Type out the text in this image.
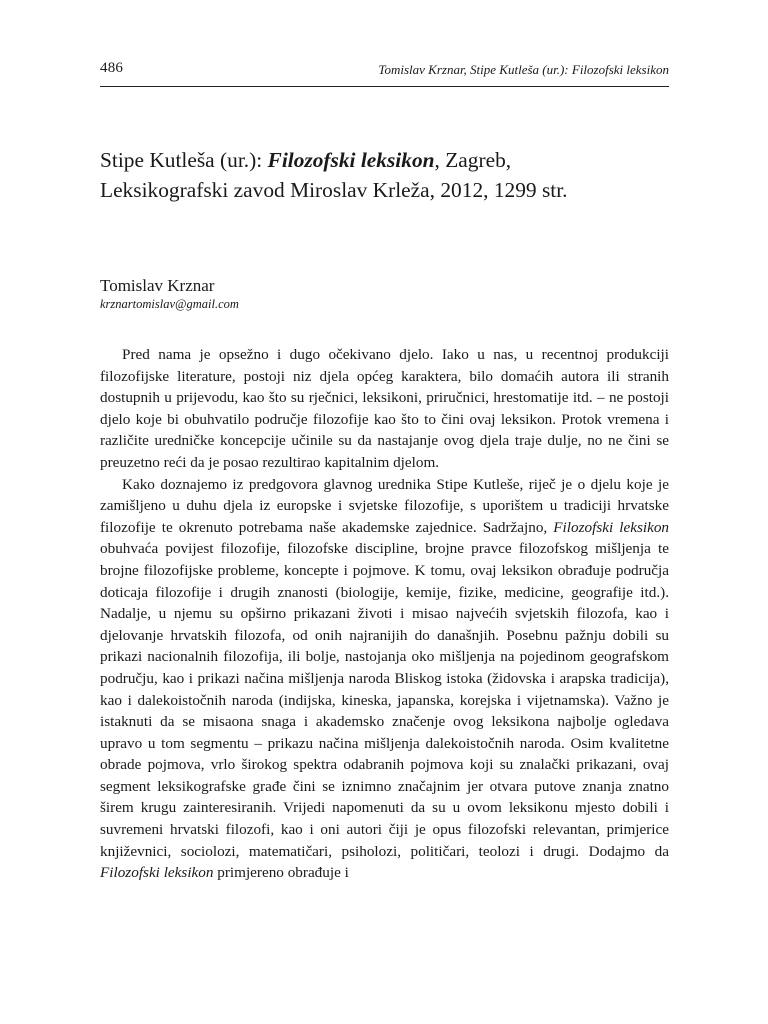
486	Tomislav Krznar, Stipe Kutleša (ur.): Filozofski leksikon
Stipe Kutleša (ur.): Filozofski leksikon, Zagreb,
Leksikografski zavod Miroslav Krleža, 2012, 1299 str.
Tomislav Krznar
krznartomislav@gmail.com

Pred nama je opsežno i dugo očekivano djelo. Iako u nas, u recentnoj produkciji filozofijske literature, postoji niz djela općeg karaktera, bilo domaćih autora ili stranih dostupnih u prijevodu, kao što su rječnici, leksikoni, priručnici, hrestomatije itd. – ne postoji djelo koje bi obuhvatilo područje filozofije kao što to čini ovaj leksikon. Protok vremena i različite uredničke koncepcije učinile su da nastajanje ovog djela traje dulje, no ne čini se preuzetno reći da je posao rezultirao kapitalnim djelom.

Kako doznajemo iz predgovora glavnog urednika Stipe Kutleše, riječ je o djelu koje je zamišljeno u duhu djela iz europske i svjetske filozofije, s uporištem u tradiciji hrvatske filozofije te okrenuto potrebama naše akademske zajednice. Sadržajno, Filozofski leksikon obuhvaća povijest filozofije, filozofske discipline, brojne pravce filozofskog mišljenja te brojne filozofijske probleme, koncepte i pojmove. K tomu, ovaj leksikon obrađuje područja doticaja filozofije i drugih znanosti (biologije, kemije, fizike, medicine, geografije itd.). Nadalje, u njemu su opširno prikazani životi i misao najvećih svjetskih filozofa, kao i djelovanje hrvatskih filozofa, od onih najranijih do današnjih. Posebnu pažnju dobili su prikazi nacionalnih filozofija, ili bolje, nastojanja oko mišljenja na pojedinom geografskom području, kao i prikazi načina mišljenja naroda Bliskog istoka (židovska i arapska tradicija), kao i dalekoistočnih naroda (indijska, kineska, japanska, korejska i vijetnamska). Važno je istaknuti da se misaona snaga i akademsko značenje ovog leksikona najbolje ogledava upravo u tom segmentu – prikazu načina mišljenja dalekoistočnih naroda. Osim kvalitetne obrade pojmova, vrlo širokog spektra odabranih pojmova koji su znalački prikazani, ovaj segment leksikografske građe čini se iznimno značajnim jer otvara putove znanja znatno širem krugu zainteresiranih. Vrijedi napomenuti da su u ovom leksikonu mjesto dobili i suvremeni hrvatski filozofi, kao i oni autori čiji je opus filozofski relevantan, primjerice književnici, sociolozi, matematičari, psiholozi, političari, teolozi i drugi. Dodajmo da Filozofski leksikon primjereno obrađuje i
